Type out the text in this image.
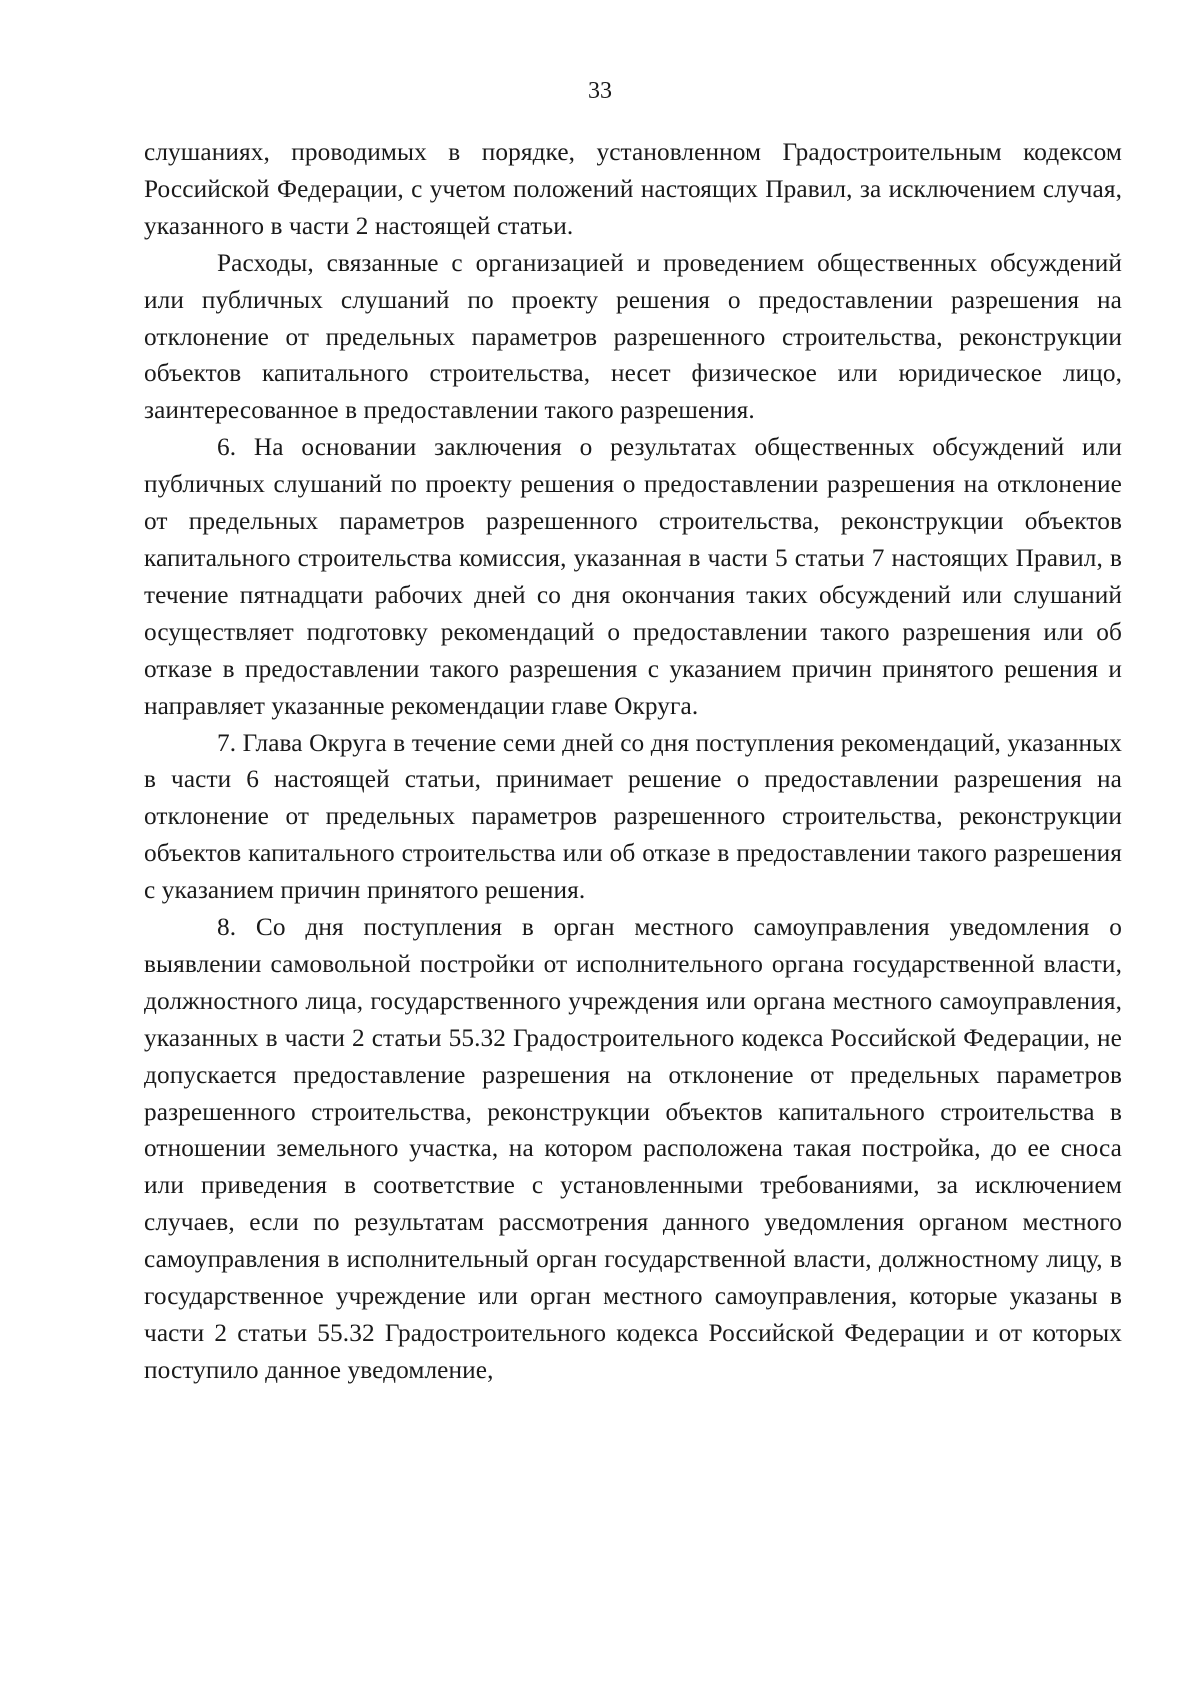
33

слушаниях, проводимых в порядке, установленном Градостроительным кодексом Российской Федерации, с учетом положений настоящих Правил, за исключением случая, указанного в части 2 настоящей статьи.

Расходы, связанные с организацией и проведением общественных обсуждений или публичных слушаний по проекту решения о предоставлении разрешения на отклонение от предельных параметров разрешенного строительства, реконструкции объектов капитального строительства, несет физическое или юридическое лицо, заинтересованное в предоставлении такого разрешения.

6. На основании заключения о результатах общественных обсуждений или публичных слушаний по проекту решения о предоставлении разрешения на отклонение от предельных параметров разрешенного строительства, реконструкции объектов капитального строительства комиссия, указанная в части 5 статьи 7 настоящих Правил, в течение пятнадцати рабочих дней со дня окончания таких обсуждений или слушаний осуществляет подготовку рекомендаций о предоставлении такого разрешения или об отказе в предоставлении такого разрешения с указанием причин принятого решения и направляет указанные рекомендации главе Округа.

7. Глава Округа в течение семи дней со дня поступления рекомендаций, указанных в части 6 настоящей статьи, принимает решение о предоставлении разрешения на отклонение от предельных параметров разрешенного строительства, реконструкции объектов капитального строительства или об отказе в предоставлении такого разрешения с указанием причин принятого решения.

8. Со дня поступления в орган местного самоуправления уведомления о выявлении самовольной постройки от исполнительного органа государственной власти, должностного лица, государственного учреждения или органа местного самоуправления, указанных в части 2 статьи 55.32 Градостроительного кодекса Российской Федерации, не допускается предоставление разрешения на отклонение от предельных параметров разрешенного строительства, реконструкции объектов капитального строительства в отношении земельного участка, на котором расположена такая постройка, до ее сноса или приведения в соответствие с установленными требованиями, за исключением случаев, если по результатам рассмотрения данного уведомления органом местного самоуправления в исполнительный орган государственной власти, должностному лицу, в государственное учреждение или орган местного самоуправления, которые указаны в части 2 статьи 55.32 Градостроительного кодекса Российской Федерации и от которых поступило данное уведомление,
